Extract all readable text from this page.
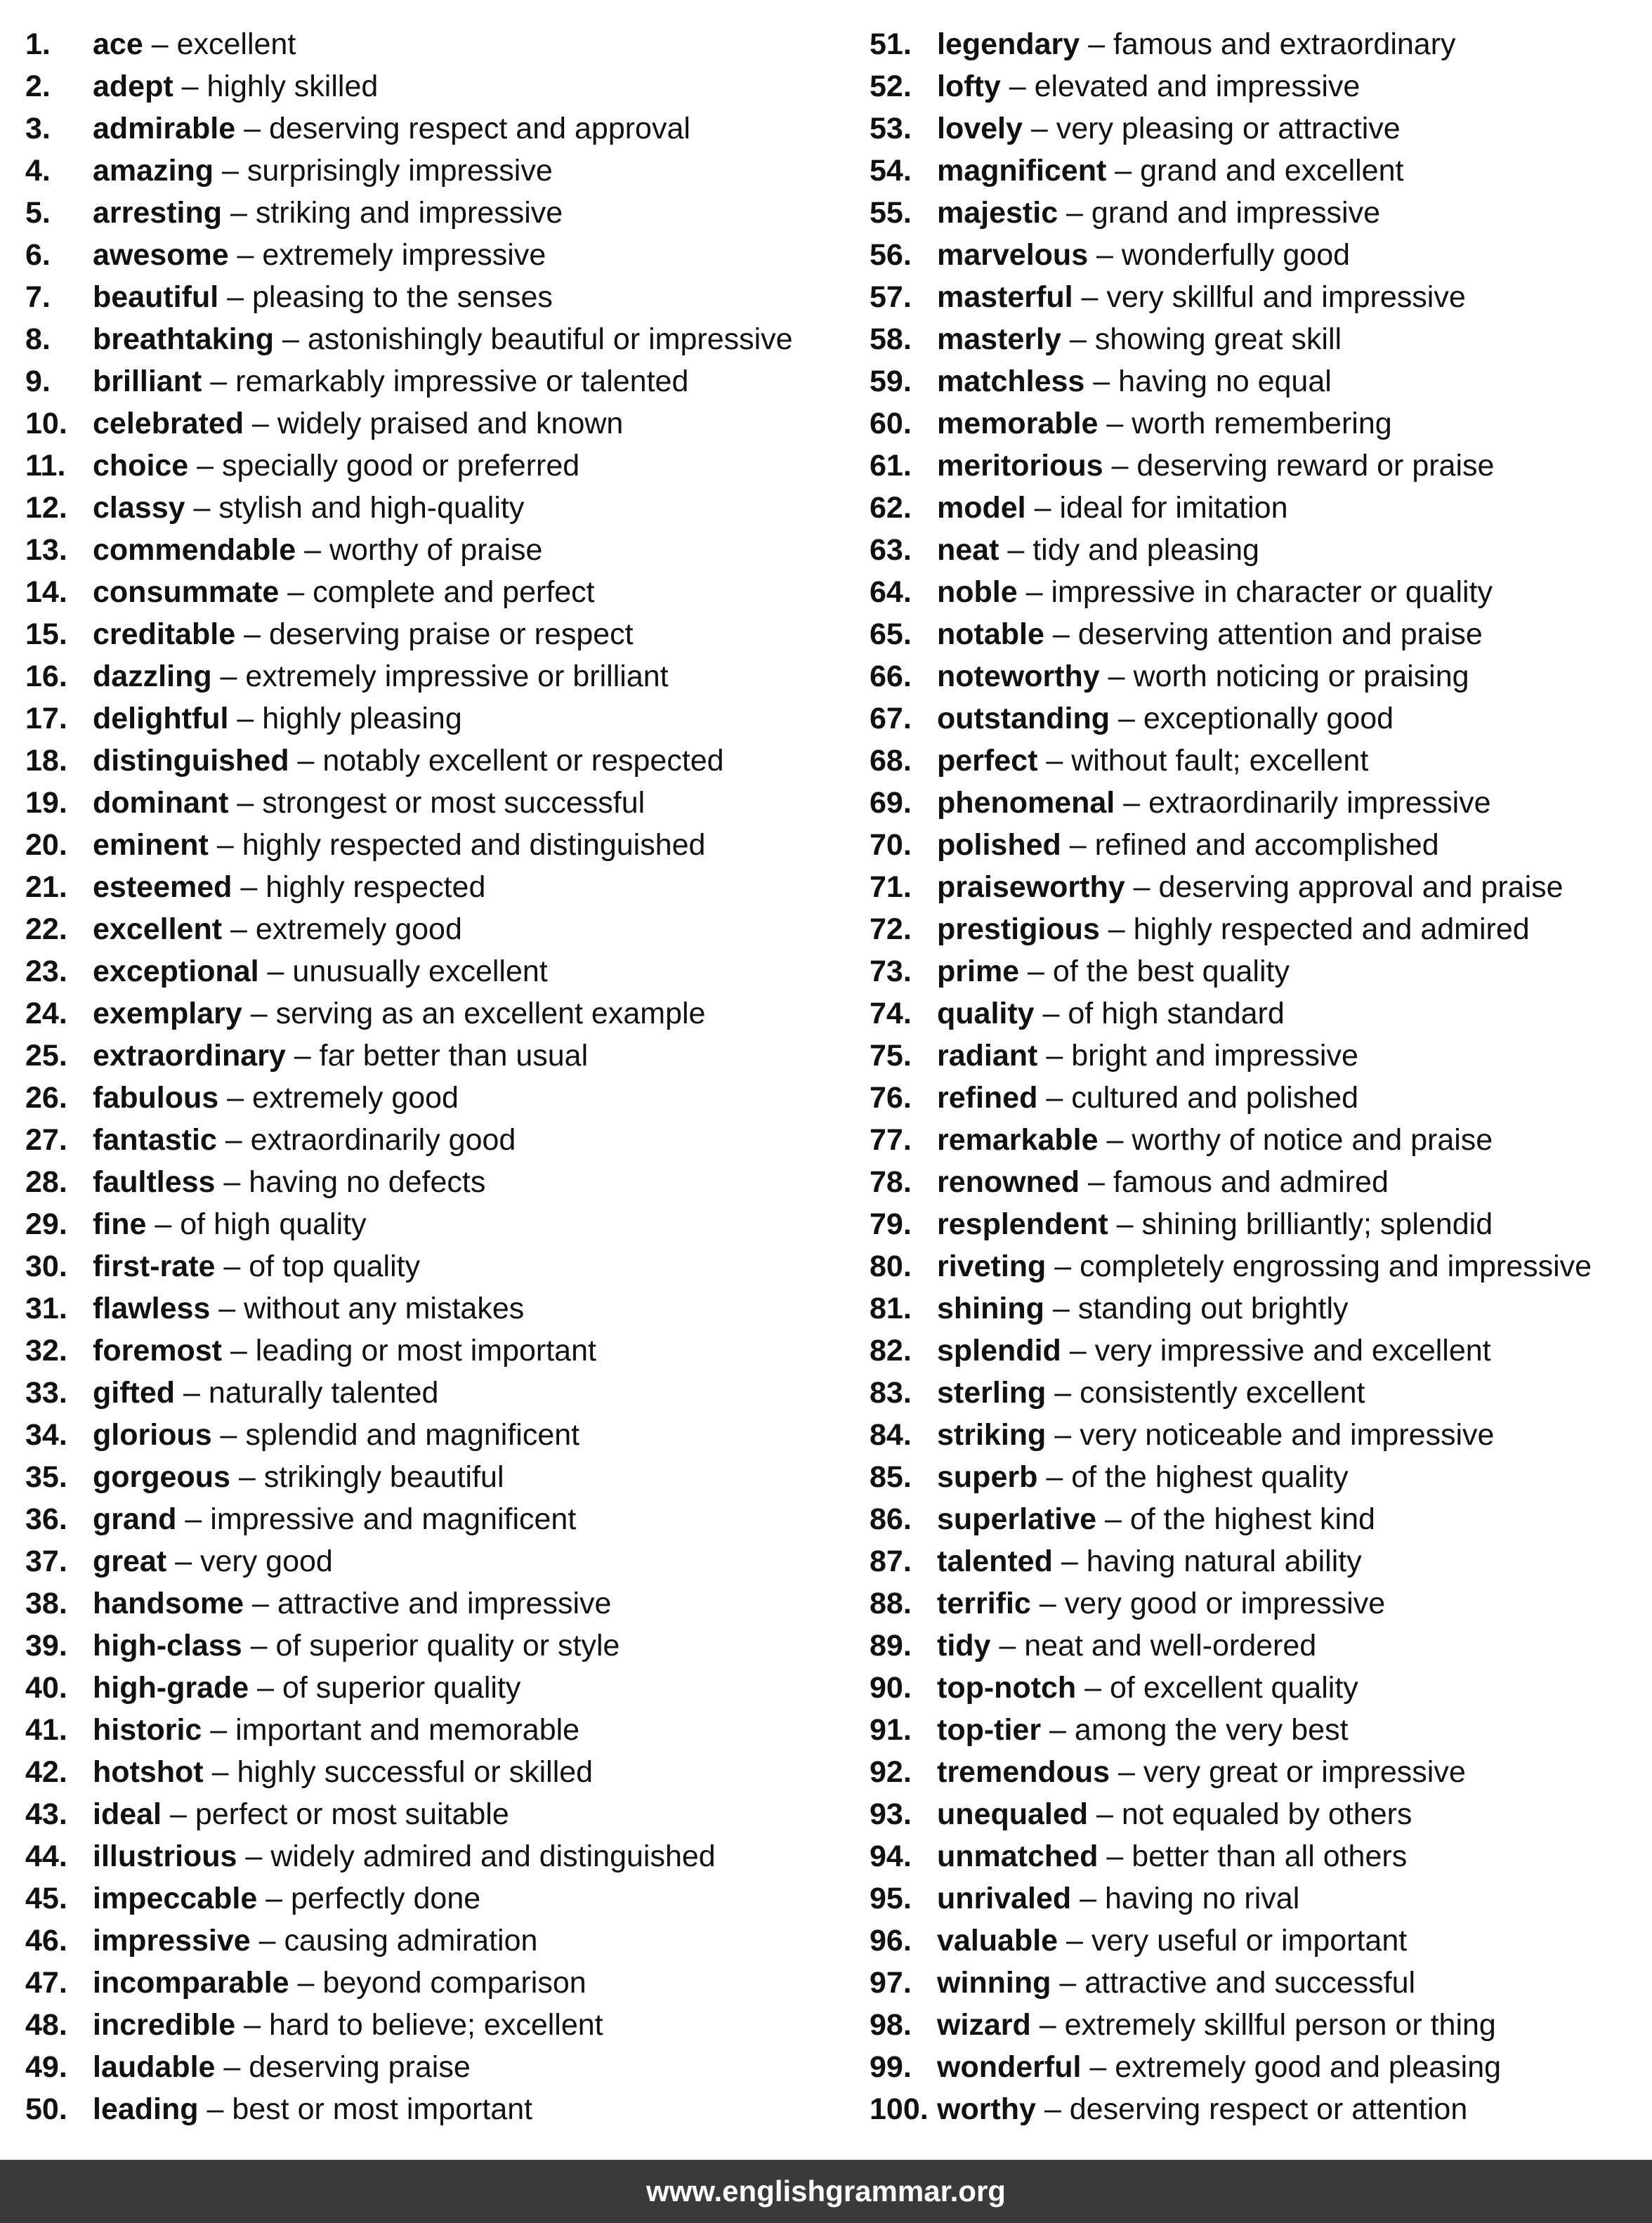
1. ace – excellent
2. adept – highly skilled
3. admirable – deserving respect and approval
4. amazing – surprisingly impressive
5. arresting – striking and impressive
6. awesome – extremely impressive
7. beautiful – pleasing to the senses
8. breathtaking – astonishingly beautiful or impressive
9. brilliant – remarkably impressive or talented
10. celebrated – widely praised and known
11. choice – specially good or preferred
12. classy – stylish and high-quality
13. commendable – worthy of praise
14. consummate – complete and perfect
15. creditable – deserving praise or respect
16. dazzling – extremely impressive or brilliant
17. delightful – highly pleasing
18. distinguished – notably excellent or respected
19. dominant – strongest or most successful
20. eminent – highly respected and distinguished
21. esteemed – highly respected
22. excellent – extremely good
23. exceptional – unusually excellent
24. exemplary – serving as an excellent example
25. extraordinary – far better than usual
26. fabulous – extremely good
27. fantastic – extraordinarily good
28. faultless – having no defects
29. fine – of high quality
30. first-rate – of top quality
31. flawless – without any mistakes
32. foremost – leading or most important
33. gifted – naturally talented
34. glorious – splendid and magnificent
35. gorgeous – strikingly beautiful
36. grand – impressive and magnificent
37. great – very good
38. handsome – attractive and impressive
39. high-class – of superior quality or style
40. high-grade – of superior quality
41. historic – important and memorable
42. hotshot – highly successful or skilled
43. ideal – perfect or most suitable
44. illustrious – widely admired and distinguished
45. impeccable – perfectly done
46. impressive – causing admiration
47. incomparable – beyond comparison
48. incredible – hard to believe; excellent
49. laudable – deserving praise
50. leading – best or most important
51. legendary – famous and extraordinary
52. lofty – elevated and impressive
53. lovely – very pleasing or attractive
54. magnificent – grand and excellent
55. majestic – grand and impressive
56. marvelous – wonderfully good
57. masterful – very skillful and impressive
58. masterly – showing great skill
59. matchless – having no equal
60. memorable – worth remembering
61. meritorious – deserving reward or praise
62. model – ideal for imitation
63. neat – tidy and pleasing
64. noble – impressive in character or quality
65. notable – deserving attention and praise
66. noteworthy – worth noticing or praising
67. outstanding – exceptionally good
68. perfect – without fault; excellent
69. phenomenal – extraordinarily impressive
70. polished – refined and accomplished
71. praiseworthy – deserving approval and praise
72. prestigious – highly respected and admired
73. prime – of the best quality
74. quality – of high standard
75. radiant – bright and impressive
76. refined – cultured and polished
77. remarkable – worthy of notice and praise
78. renowned – famous and admired
79. resplendent – shining brilliantly; splendid
80. riveting – completely engrossing and impressive
81. shining – standing out brightly
82. splendid – very impressive and excellent
83. sterling – consistently excellent
84. striking – very noticeable and impressive
85. superb – of the highest quality
86. superlative – of the highest kind
87. talented – having natural ability
88. terrific – very good or impressive
89. tidy – neat and well-ordered
90. top-notch – of excellent quality
91. top-tier – among the very best
92. tremendous – very great or impressive
93. unequaled – not equaled by others
94. unmatched – better than all others
95. unrivaled – having no rival
96. valuable – very useful or important
97. winning – attractive and successful
98. wizard – extremely skillful person or thing
99. wonderful – extremely good and pleasing
100. worthy – deserving respect or attention
www.englishgrammar.org
